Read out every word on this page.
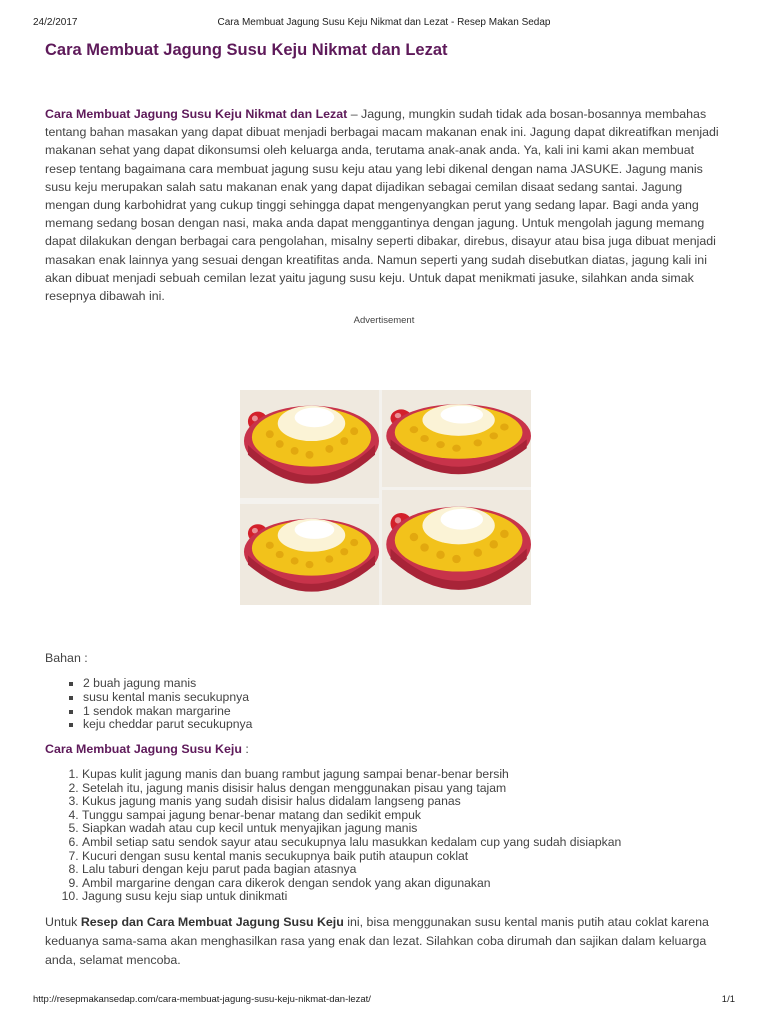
24/2/2017	Cara Membuat Jagung Susu Keju Nikmat dan Lezat - Resep Makan Sedap
Cara Membuat Jagung Susu Keju Nikmat dan Lezat

Cara Membuat Jagung Susu Keju Nikmat dan Lezat – Jagung, mungkin sudah tidak ada bosan-bosannya membahas tentang bahan masakan yang dapat dibuat menjadi berbagai macam makanan enak ini. Jagung dapat dikreatifkan menjadi makanan sehat yang dapat dikonsumsi oleh keluarga anda, terutama anak-anak anda. Ya, kali ini kami akan membuat resep tentang bagaimana cara membuat jagung susu keju atau yang lebi dikenal dengan nama JASUKE. Jagung manis susu keju merupakan salah satu makanan enak yang dapat dijadikan sebagai cemilan disaat sedang santai. Jagung mengan dung karbohidrat yang cukup tinggi sehingga dapat mengenyangkan perut yang sedang lapar. Bagi anda yang memang sedang bosan dengan nasi, maka anda dapat menggantinya dengan jagung. Untuk mengolah jagung memang dapat dilakukan dengan berbagai cara pengolahan, misalny seperti dibakar, direbus, disayur atau bisa juga dibuat menjadi masakan enak lainnya yang sesuai dengan kreatifitas anda. Namun seperti yang sudah disebutkan diatas, jagung kali ini akan dibuat menjadi sebuah cemilan lezat yaitu jagung susu keju. Untuk dapat menikmati jasuke, silahkan anda simak resepnya dibawah ini.

Advertisement
Bahan :
2 buah jagung manis
susu kental manis secukupnya
1 sendok makan margarine
keju cheddar parut secukupnya
Cara Membuat Jagung Susu Keju :
1. Kupas kulit jagung manis dan buang rambut jagung sampai benar-benar bersih
2. Setelah itu, jagung manis disisir halus dengan menggunakan pisau yang tajam
3. Kukus jagung manis yang sudah disisir halus didalam langseng panas
4. Tunggu sampai jagung benar-benar matang dan sedikit empuk
5. Siapkan wadah atau cup kecil untuk menyajikan jagung manis
6. Ambil setiap satu sendok sayur atau secukupnya lalu masukkan kedalam cup yang sudah disiapkan
7. Kucuri dengan susu kental manis secukupnya baik putih ataupun coklat
8. Lalu taburi dengan keju parut pada bagian atasnya
9. Ambil margarine dengan cara dikerok dengan sendok yang akan digunakan
10. Jagung susu keju siap untuk dinikmati

Untuk Resep dan Cara Membuat Jagung Susu Keju ini, bisa menggunakan susu kental manis putih atau coklat karena keduanya sama-sama akan menghasilkan rasa yang enak dan lezat. Silahkan coba dirumah dan sajikan dalam keluarga anda, selamat mencoba.

http://resepmakansedap.com/cara-membuat-jagung-susu-keju-nikmat-dan-lezat/	1/1
